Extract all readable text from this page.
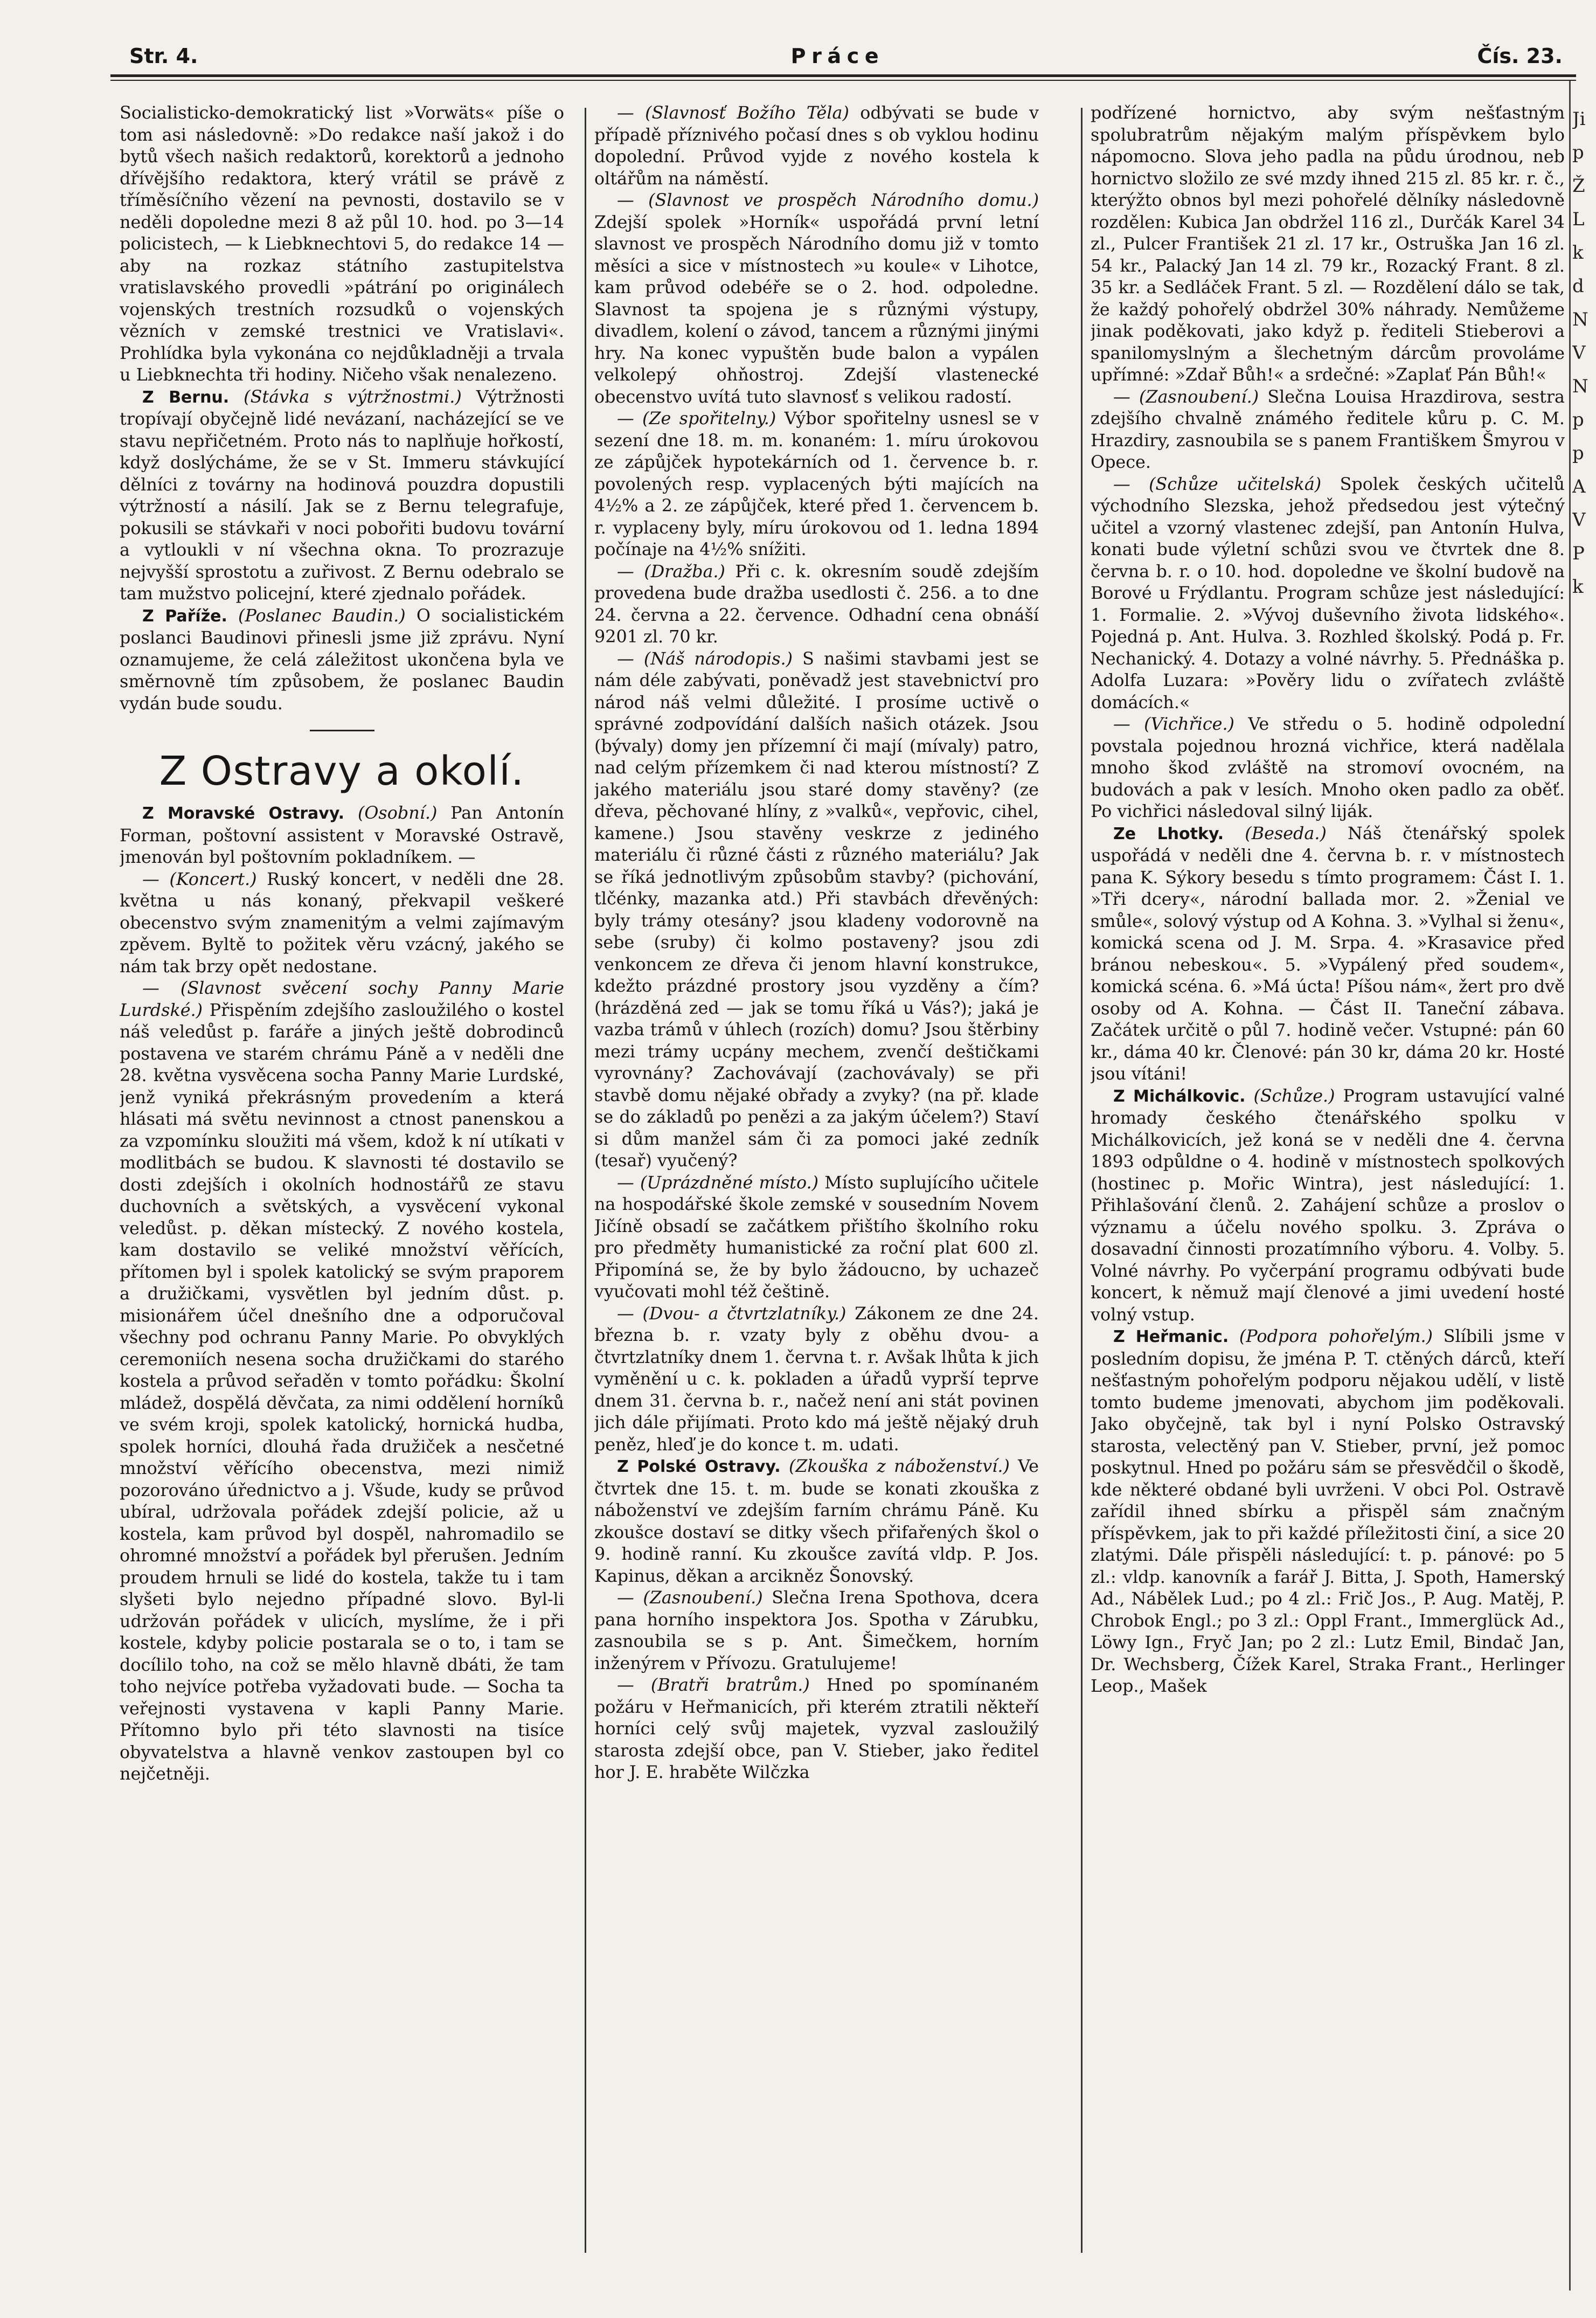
Str. 4.	Práce	Čís. 23.

Socialisticko-demokratický list »Vorwäts« píše o tom asi následovně: »Do redakce naší jakož i do bytů všech našich redaktorů, korektorů a jednoho dřívějšího redaktora, který vrátil se právě z tříměsíčního vězení na pevnosti, dostavilo se v neděli dopoledne mezi 8 až půl 10. hod. po 3—14 policistech, — k Liebknechtovi 5, do redakce 14 — aby na rozkaz státního zastupitelstva vratislavského provedli »pátrání po originálech vojenských trestních rozsudků o vojenských vězních v zemské trestnici ve Vratislavi«. Prohlídka byla vykonána co nejdůkladněji a trvala u Liebknechta tři hodiny. Ničeho však nenalezeno.

Z Bernu. (Stávka s výtržnostmi.) Výtržnosti tropívají obyčejně lidé nevázaní, nacházející se ve stavu nepřičetném. Proto nás to naplňuje hořkostí, když doslýcháme, že se v St. Immeru stávkující dělníci z továrny na hodinová pouzdra dopustili výtržností a násilí. Jak se z Bernu telegrafuje, pokusili se stávkaři v noci pobořiti budovu tovární a vytloukli v ní všechna okna. To prozrazuje nejvyšší sprostotu a zuřivost. Z Bernu odebralo se tam mužstvo policejní, které zjednalo pořádek.

Z Paříže. (Poslanec Baudin.) O socialistickém poslanci Baudinovi přinesli jsme již zprávu. Nyní oznamujeme, že celá záležitost ukončena byla ve směrnovně tím způsobem, že poslanec Baudin vydán bude soudu.

Z Ostravy a okolí.

Z Moravské Ostravy. (Osobní.) Pan Antonín Forman, poštovní assistent v Moravské Ostravě, jmenován byl poštovním pokladníkem. —

— (Koncert.) Ruský koncert, v neděli dne 28. května u nás konaný, překvapil veškeré obecenstvo svým znamenitým a velmi zajímavým zpěvem. Byltě to požitek věru vzácný, jakého se nám tak brzy opět nedostane.

— (Slavnost svěcení sochy Panny Marie Lurdské.) Přispěním zdejšího zasloužilého o kostel náš veledůst p. faráře a jiných ještě dobrodinců postavena ve starém chrámu Páně a v neděli dne 28. května vysvěcena socha Panny Marie Lurdské, jenž vyniká překrásným provedením a která hlásati má světu nevinnost a ctnost panenskou a za vzpomínku sloužiti má všem, kdož k ní utíkati v modlitbách se budou. K slavnosti té dostavilo se dosti zdejších i okolních hodnostářů ze stavu duchovních a světských, a vysvěcení vykonal veledůst. p. děkan místecký. Z nového kostela, kam dostavilo se veliké množství věřících, přítomen byl i spolek katolický se svým praporem a družičkami, vysvětlen byl jedním důst. p. misionářem účel dnešního dne a odporučoval všechny pod ochranu Panny Marie. Po obvyklých ceremoniích nesena socha družičkami do starého kostela a průvod seřaděn v tomto pořádku: Školní mládež, dospělá děvčata, za nimi oddělení horníků ve svém kroji, spolek katolický, hornická hudba, spolek horníci, dlouhá řada družiček a nesčetné množství věřícího obecenstva, mezi nimiž pozorováno úřednictvo a j. Všude, kudy se průvod ubíral, udržovala pořádek zdejší policie, až u kostela, kam průvod byl dospěl, nahromadilo se ohromné množství a pořádek byl přerušen. Jedním proudem hrnuli se lidé do kostela, takže tu i tam slyšeti bylo nejedno případné slovo. Byl-li udržován pořádek v ulicích, myslíme, že i při kostele, kdyby policie postarala se o to, i tam se docílilo toho, na což se mělo hlavně dbáti, že tam toho nejvíce potřeba vyžadovati bude. — Socha ta veřejnosti vystavena v kapli Panny Marie. Přítomno bylo při této slavnosti na tisíce obyvatelstva a hlavně venkov zastoupen byl co nejčetněji.

— (Slavnosť Božího Těla) odbývati se bude v případě příznivého počasí dnes s ob vyklou hodinu dopolední. Průvod vyjde z nového kostela k oltářům na náměstí.

— (Slavnost ve prospěch Národního domu.) Zdejší spolek »Horník« uspořádá první letní slavnost ve prospěch Národního domu již v tomto měsíci a sice v místnostech »u koule« v Lihotce, kam průvod odebéře se o 2. hod. odpoledne. Slavnost ta spojena je s různými výstupy, divadlem, kolení o závod, tancem a různými jinými hry. Na konec vypuštěn bude balon a vypálen velkolepý ohňostroj. Zdejší vlastenecké obecenstvo uvítá tuto slavnosť s velikou radostí.

— (Ze spořitelny.) Výbor spořitelny usnesl se v sezení dne 18. m. m. konaném: 1. míru úrokovou ze zápůjček hypotekárních od 1. července b. r. povolených resp. vyplacených býti majících na 4½% a 2. ze zápůjček, které před 1. červencem b. r. vyplaceny byly, míru úrokovou od 1. ledna 1894 počínaje na 4½% snížiti.

— (Dražba.) Při c. k. okresním soudě zdejším provedena bude dražba usedlosti č. 256. a to dne 24. června a 22. července. Odhadní cena obnáší 9201 zl. 70 kr.

— (Náš národopis.) S našimi stavbami jest se nám déle zabývati, poněvadž jest stavebnictví pro národ náš velmi důležité. I prosíme uctivě o správné zodpovídání dalších našich otázek. Jsou (bývaly) domy jen přízemní či mají (mívaly) patro, nad celým přízemkem či nad kterou místností? Z jakého materiálu jsou staré domy stavěny? (ze dřeva, pěchované hlíny, z »valků«, vepřovic, cihel, kamene.) Jsou stavěny veskrze z jediného materiálu či různé části z různého materiálu? Jak se říká jednotlivým způsobům stavby? (pichování, tlčénky, mazanka atd.) Při stavbách dřevěných: byly trámy otesány? jsou kladeny vodorovně na sebe (sruby) či kolmo postaveny? jsou zdi venkoncem ze dřeva či jenom hlavní konstrukce, kdežto prázdné prostory jsou vyzděny a čím? (hrázděná zed — jak se tomu říká u Vás?); jaká je vazba trámů v úhlech (rozích) domu? Jsou štěrbiny mezi trámy ucpány mechem, zvenčí deštičkami vyrovnány? Zachovávají (zachovávaly) se při stavbě domu nějaké obřady a zvyky? (na př. klade se do základů po penězi a za jakým účelem?) Staví si dům manžel sám či za pomoci jaké zedník (tesař) vyučený?

— (Uprázdněné místo.) Místo suplujícího učitele na hospodářské škole zemské v sousedním Novem Jičíně obsadí se začátkem přištího školního roku pro předměty humanistické za roční plat 600 zl. Připomíná se, že by bylo žádoucno, by uchazeč vyučovati mohl též češtině.

— (Dvou- a čtvrtzlatníky.) Zákonem ze dne 24. března b. r. vzaty byly z oběhu dvou- a čtvrtzlatníky dnem 1. června t. r. Avšak lhůta k jich vyměnění u c. k. pokladen a úřadů vyprší teprve dnem 31. června b. r., načež není ani stát povinen jich dále přijímati. Proto kdo má ještě nějaký druh peněz, hleď je do konce t. m. udati.

Z Polské Ostravy. (Zkouška z náboženství.) Ve čtvrtek dne 15. t. m. bude se konati zkouška z náboženství ve zdejším farním chrámu Páně. Ku zkoušce dostaví se ditky všech přifařených škol o 9. hodině ranní. Ku zkoušce zavítá vldp. P. Jos. Kapinus, děkan a arcikněz Šonovský.

— (Zasnoubení.) Slečna Irena Spothova, dcera pana horního inspektora Jos. Spotha v Zárubku, zasnoubila se s p. Ant. Šimečkem, horním inženýrem v Přívozu. Gratulujeme!

— (Bratři bratrům.) Hned po spomínaném požáru v Heřmanicích, při kterém ztratili někteří horníci celý svůj majetek, vyzval zasloužilý starosta zdejší obce, pan V. Stieber, jako ředitel hor J. E. hraběte Wilčzka

podřízené hornictvo, aby svým nešťastným spolubratrům nějakým malým příspěvkem bylo nápomocno. Slova jeho padla na půdu úrodnou, neb hornictvo složilo ze své mzdy ihned 215 zl. 85 kr. r. č., kterýžto obnos byl mezi pohořelé dělníky následovně rozdělen: Kubica Jan obdržel 116 zl., Durčák Karel 34 zl., Pulcer František 21 zl. 17 kr., Ostruška Jan 16 zl. 54 kr., Palacký Jan 14 zl. 79 kr., Rozacký Frant. 8 zl. 35 kr. a Sedláček Frant. 5 zl. — Rozdělení dálo se tak, že každý pohořelý obdržel 30% náhrady. Nemůžeme jinak poděkovati, jako když p. řediteli Stieberovi a spanilomyslným a šlechetným dárcům provoláme upřímné: »Zdař Bůh!« a srdečné: »Zaplať Pán Bůh!«

— (Zasnoubení.) Slečna Louisa Hrazdirova, sestra zdejšího chvalně známého ředitele kůru p. C. M. Hrazdiry, zasnoubila se s panem Františkem Šmyrou v Opece.

— (Schůze učitelská) Spolek českých učitelů východního Slezska, jehož předsedou jest výtečný učitel a vzorný vlastenec zdejší, pan Antonín Hulva, konati bude výletní schůzi svou ve čtvrtek dne 8. června b. r. o 10. hod. dopoledne ve školní budově na Borové u Frýdlantu. Program schůze jest následující: 1. Formalie. 2. »Vývoj duševního života lidského«. Pojedná p. Ant. Hulva. 3. Rozhled školský. Podá p. Fr. Nechanický. 4. Dotazy a volné návrhy. 5. Přednáška p. Adolfa Luzara: »Pověry lidu o zvířatech zvláště domácích.«

— (Vichřice.) Ve středu o 5. hodině odpolední povstala pojednou hrozná vichřice, která nadělala mnoho škod zvláště na stromoví ovocném, na budovách a pak v lesích. Mnoho oken padlo za oběť. Po vichřici následoval silný liják.

Ze Lhotky. (Beseda.) Náš čtenářský spolek uspořádá v neděli dne 4. června b. r. v místnostech pana K. Sýkory besedu s tímto programem: Část I. 1. »Tři dcery«, národní ballada mor. 2. »Ženial ve smůle«, solový výstup od A Kohna. 3. »Vylhal si ženu«, komická scena od J. M. Srpa. 4. »Krasavice před bránou nebeskou«. 5. »Vypálený před soudem«, komická scéna. 6. »Má úcta! Píšou nám«, žert pro dvě osoby od A. Kohna. — Část II. Taneční zábava. Začátek určitě o půl 7. hodině večer. Vstupné: pán 60 kr., dáma 40 kr. Členové: pán 30 kr, dáma 20 kr. Hosté jsou vítáni!

Z Michálkovic. (Schůze.) Program ustavující valné hromady českého čtenářského spolku v Michálkovicích, jež koná se v neděli dne 4. června 1893 odpůldne o 4. hodině v místnostech spolkových (hostinec p. Mořic Wintra), jest následující: 1. Přihlašování členů. 2. Zahájení schůze a proslov o významu a účelu nového spolku. 3. Zpráva o dosavadní činnosti prozatímního výboru. 4. Volby. 5. Volné návrhy. Po vyčerpání programu odbývati bude koncert, k němuž mají členové a jimi uvedení hosté volný vstup.

Z Heřmanic. (Podpora pohořelým.) Slíbili jsme v posledním dopisu, že jména P. T. ctěných dárců, kteří nešťastným pohořelým podporu nějakou udělí, v listě tomto budeme jmenovati, abychom jim poděkovali. Jako obyčejně, tak byl i nyní Polsko Ostravský starosta, velectěný pan V. Stieber, první, jež pomoc poskytnul. Hned po požáru sám se přesvědčil o škodě, kde některé obdané byli uvrženi. V obci Pol. Ostravě zařídil ihned sbírku a přispěl sám značným příspěvkem, jak to při každé příležitosti činí, a sice 20 zlatými. Dále přispěli následující: t. p. pánové: po 5 zl.: vldp. kanovník a farář J. Bitta, J. Spoth, Hamerský Ad., Nábělek Lud.; po 4 zl.: Frič Jos., P. Aug. Matěj, P. Chrobok Engl.; po 3 zl.: Oppl Frant., Immerglück Ad., Löwy Ign., Fryč Jan; po 2 zl.: Lutz Emil, Bindač Jan, Dr. Wechsberg, Čížek Karel, Straka Frant., Herlinger Leop., Mašek

Ji
p
Ž
L
k
d
N
V
N
p
p
A
V
P
k
